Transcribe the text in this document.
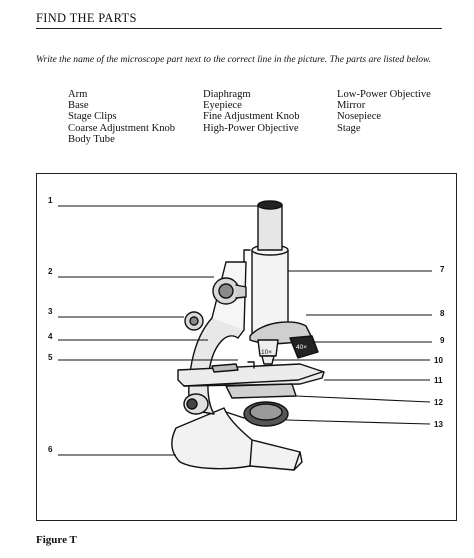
FIND THE PARTS
Write the name of the microscope part next to the correct line in the picture. The parts are listed below.
Arm
Base
Stage Clips
Coarse Adjustment Knob
Body Tube
Diaphragm
Eyepiece
Fine Adjustment Knob
High-Power Objective
Low-Power Objective
Mirror
Nosepiece
Stage
1
2
3
4
5
6
7
8
9
10
11
12
13
10×
40×
Figure T
